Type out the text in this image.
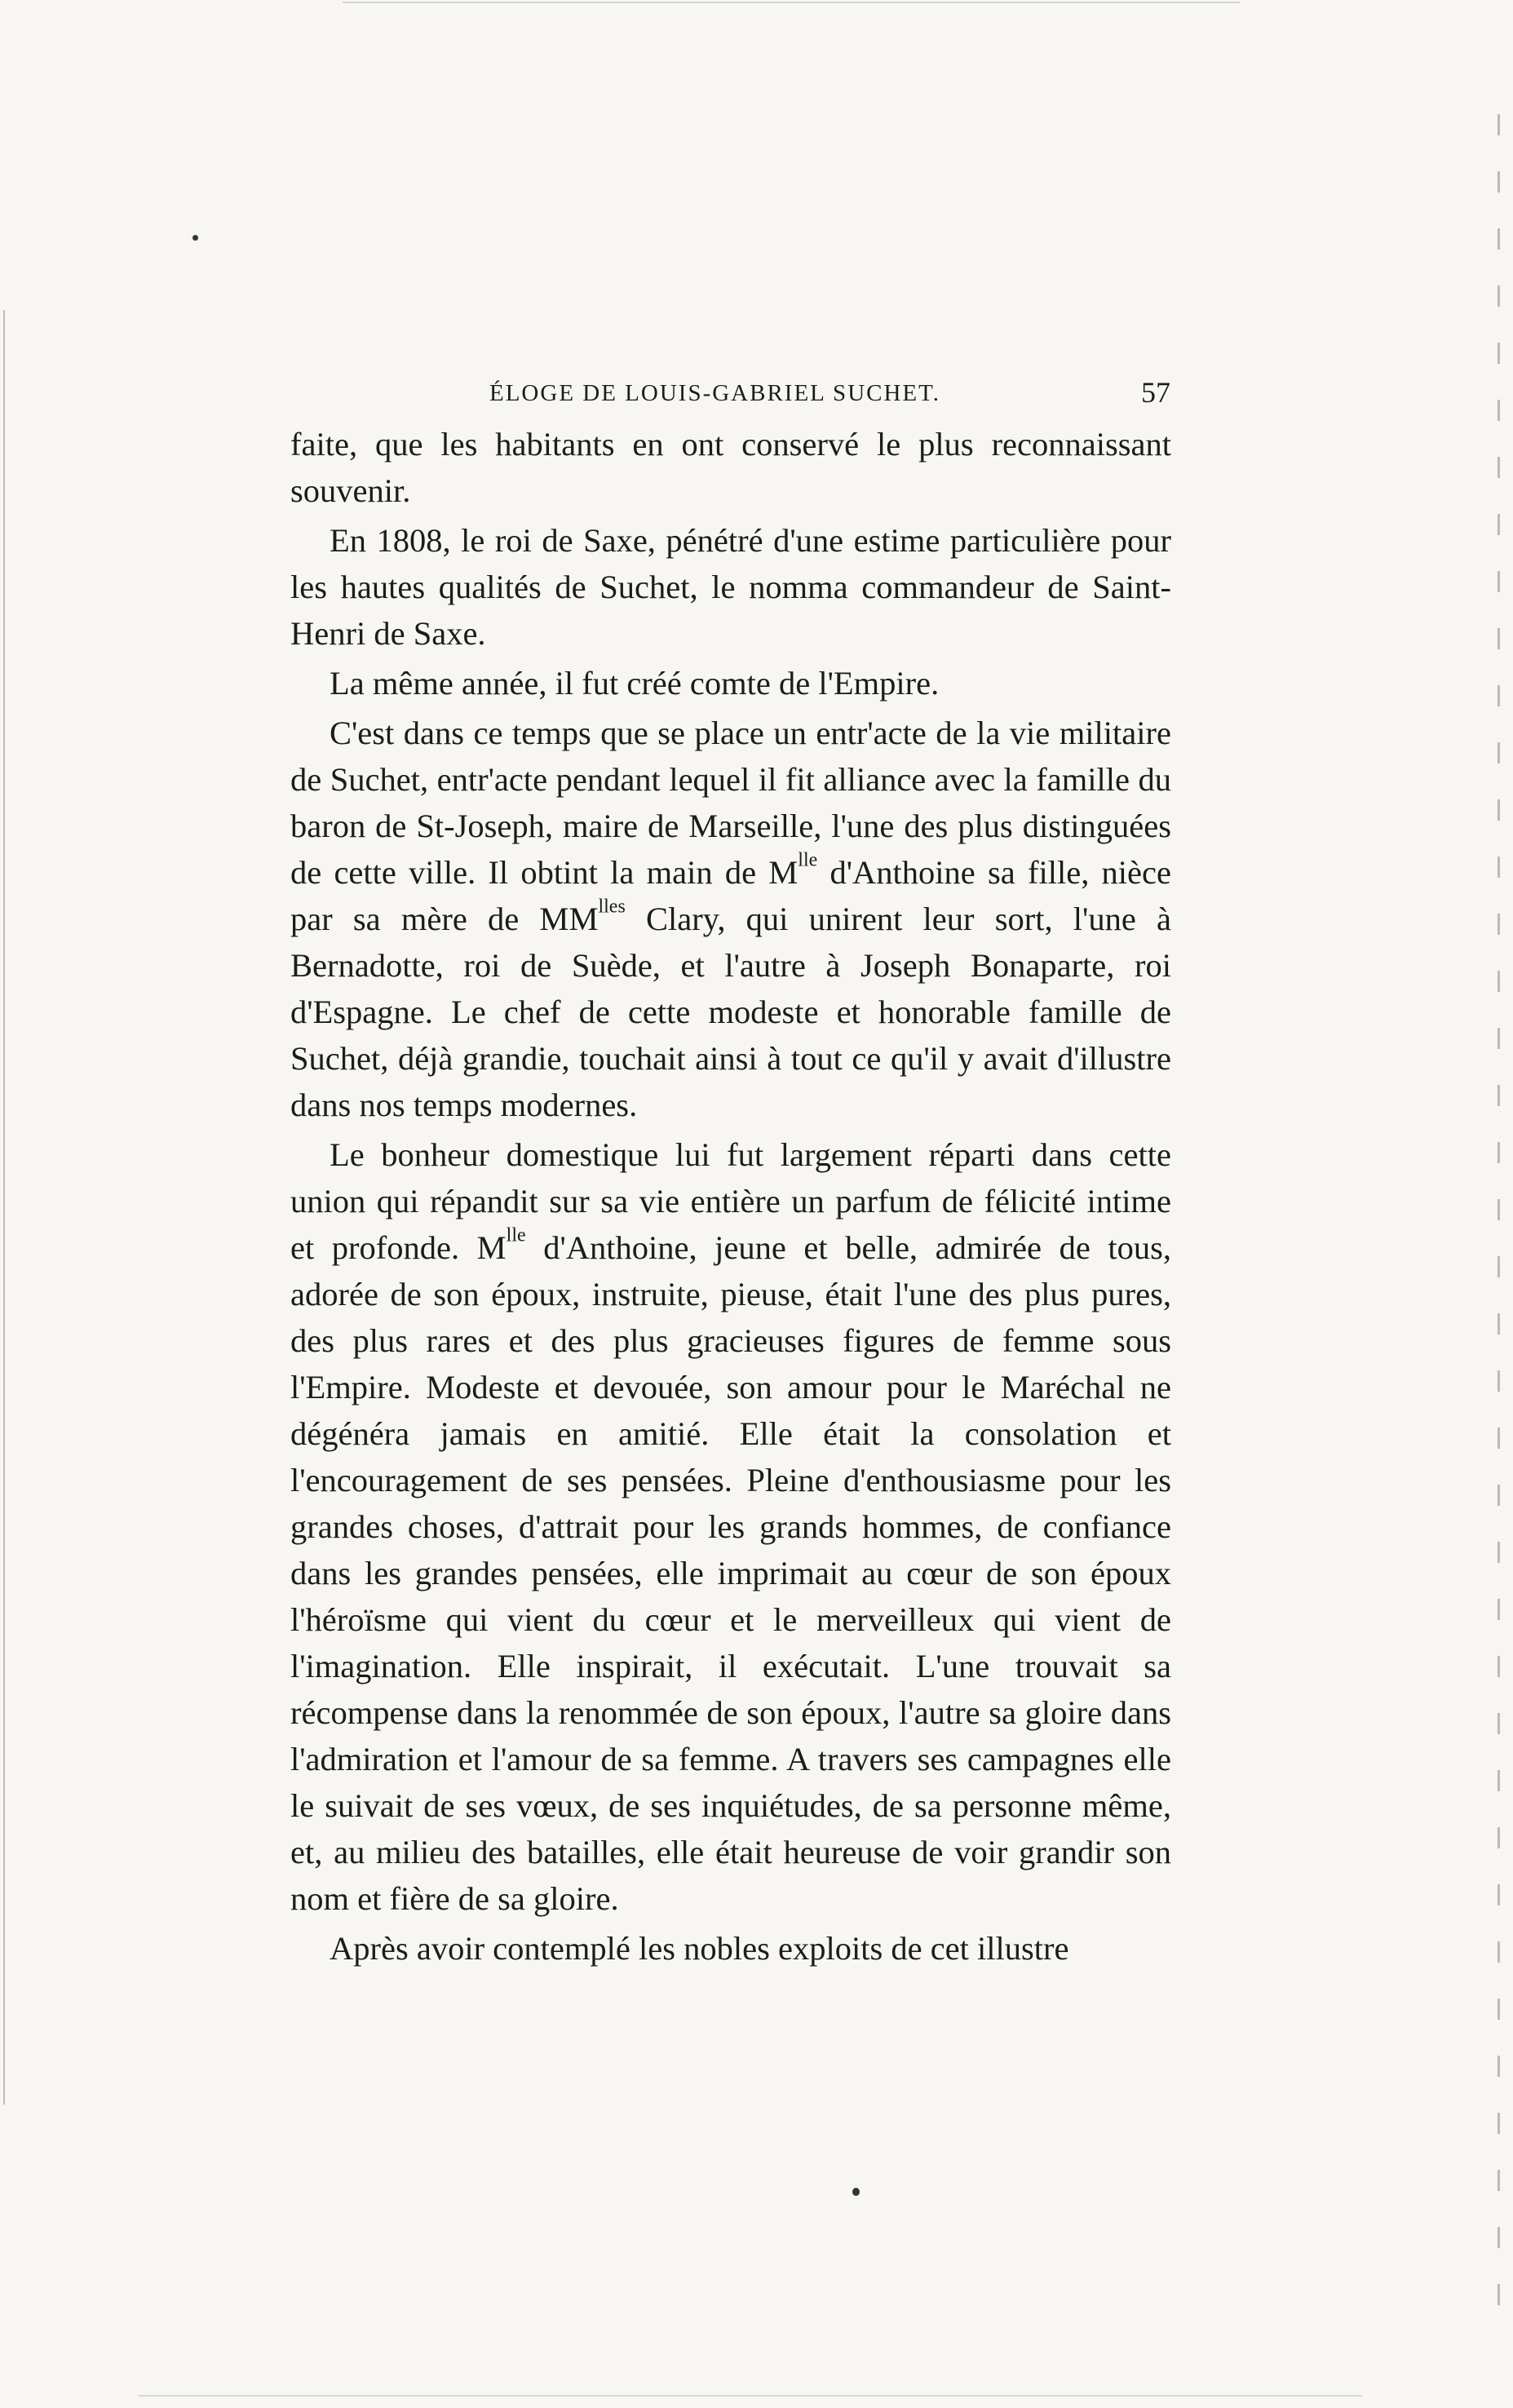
ÉLOGE DE LOUIS-GABRIEL SUCHET.	57

faite, que les habitants en ont conservé le plus reconnaissant souvenir.

En 1808, le roi de Saxe, pénétré d'une estime particulière pour les hautes qualités de Suchet, le nomma commandeur de Saint-Henri de Saxe.

La même année, il fut créé comte de l'Empire.

C'est dans ce temps que se place un entr'acte de la vie militaire de Suchet, entr'acte pendant lequel il fit alliance avec la famille du baron de St-Joseph, maire de Marseille, l'une des plus distinguées de cette ville. Il obtint la main de $M^{lle}$ d'Anthoine sa fille, nièce par sa mère de $MM^{lles}$ Clary, qui unirent leur sort, l'une à Bernadotte, roi de Suède, et l'autre à Joseph Bonaparte, roi d'Espagne. Le chef de cette modeste et honorable famille de Suchet, déjà grandie, touchait ainsi à tout ce qu'il y avait d'illustre dans nos temps modernes.

Le bonheur domestique lui fut largement réparti dans cette union qui répandit sur sa vie entière un parfum de félicité intime et profonde. $M^{lle}$ d'Anthoine, jeune et belle, admirée de tous, adorée de son époux, instruite, pieuse, était l'une des plus pures, des plus rares et des plus gracieuses figures de femme sous l'Empire. Modeste et devouée, son amour pour le Maréchal ne dégénéra jamais en amitié. Elle était la consolation et l'encouragement de ses pensées. Pleine d'enthousiasme pour les grandes choses, d'attrait pour les grands hommes, de confiance dans les grandes pensées, elle imprimait au cœur de son époux l'héroïsme qui vient du cœur et le merveilleux qui vient de l'imagination. Elle inspirait, il exécutait. L'une trouvait sa récompense dans la renommée de son époux, l'autre sa gloire dans l'admiration et l'amour de sa femme. A travers ses campagnes elle le suivait de ses vœux, de ses inquiétudes, de sa personne même, et, au milieu des batailles, elle était heureuse de voir grandir son nom et fière de sa gloire.

Après avoir contemplé les nobles exploits de cet illustre
